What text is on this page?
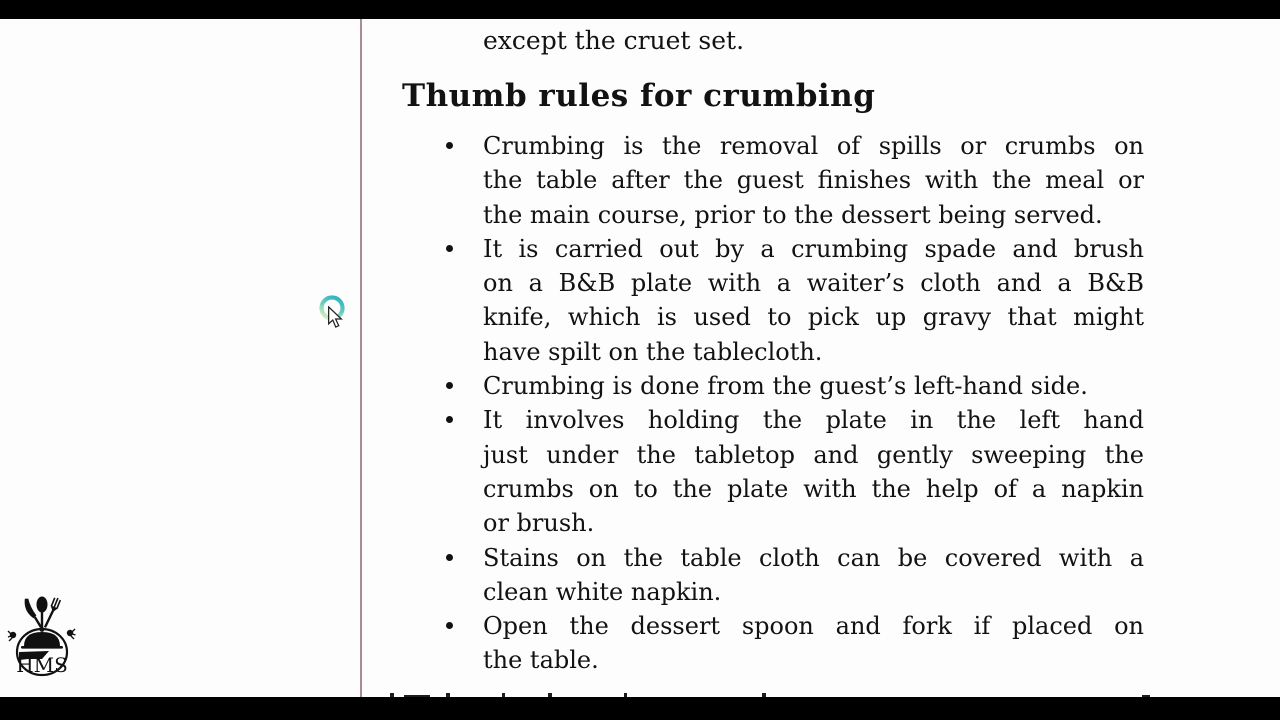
except the cruet set.
Thumb rules for crumbing
Crumbing is the removal of spills or crumbs on
the table after the guest finishes with the meal or
the main course, prior to the dessert being served.
It is carried out by a crumbing spade and brush
on a B&B plate with a waiter’s cloth and a B&B
knife, which is used to pick up gravy that might
have spilt on the tablecloth.
Crumbing is done from the guest’s left-hand side.
It involves holding the plate in the left hand
just under the tabletop and gently sweeping the
crumbs on to the plate with the help of a napkin
or brush.
Stains on the table cloth can be covered with a
clean white napkin.
Open the dessert spoon and fork if placed on
the table.
HMS
